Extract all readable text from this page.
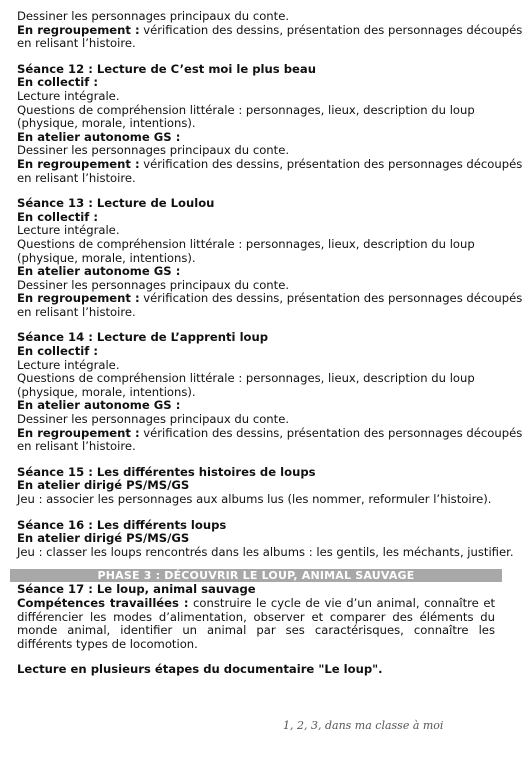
Dessiner les personnages principaux du conte.
En regroupement : vérification des dessins, présentation des personnages découpés
en relisant l’histoire.
Séance 12 : Lecture de C’est moi le plus beau
En collectif :
Lecture intégrale.
Questions de compréhension littérale : personnages, lieux, description du loup
(physique, morale, intentions).
En atelier autonome GS :
Dessiner les personnages principaux du conte.
En regroupement : vérification des dessins, présentation des personnages découpés
en relisant l’histoire.
Séance 13 : Lecture de Loulou
En collectif :
Lecture intégrale.
Questions de compréhension littérale : personnages, lieux, description du loup
(physique, morale, intentions).
En atelier autonome GS :
Dessiner les personnages principaux du conte.
En regroupement : vérification des dessins, présentation des personnages découpés
en relisant l’histoire.
Séance 14 : Lecture de L’apprenti loup
En collectif :
Lecture intégrale.
Questions de compréhension littérale : personnages, lieux, description du loup
(physique, morale, intentions).
En atelier autonome GS :
Dessiner les personnages principaux du conte.
En regroupement : vérification des dessins, présentation des personnages découpés
en relisant l’histoire.
Séance 15 : Les différentes histoires de loups
En atelier dirigé PS/MS/GS
Jeu : associer les personnages aux albums lus (les nommer, reformuler l’histoire).
Séance 16 : Les différents loups
En atelier dirigé PS/MS/GS
Jeu : classer les loups rencontrés dans les albums : les gentils, les méchants, justifier.
PHASE 3 : DÉCOUVRIR LE LOUP, ANIMAL SAUVAGE
Séance 17 : Le loup, animal sauvage
Compétences travaillées : construire le cycle de vie d’un animal, connaître et différencier les modes d’alimentation, observer et comparer des éléments du monde animal, identifier un animal par ses caractérisques, connaître les différents types de locomotion.
Lecture en plusieurs étapes du documentaire "Le loup".
1, 2, 3, dans ma classe à moi
